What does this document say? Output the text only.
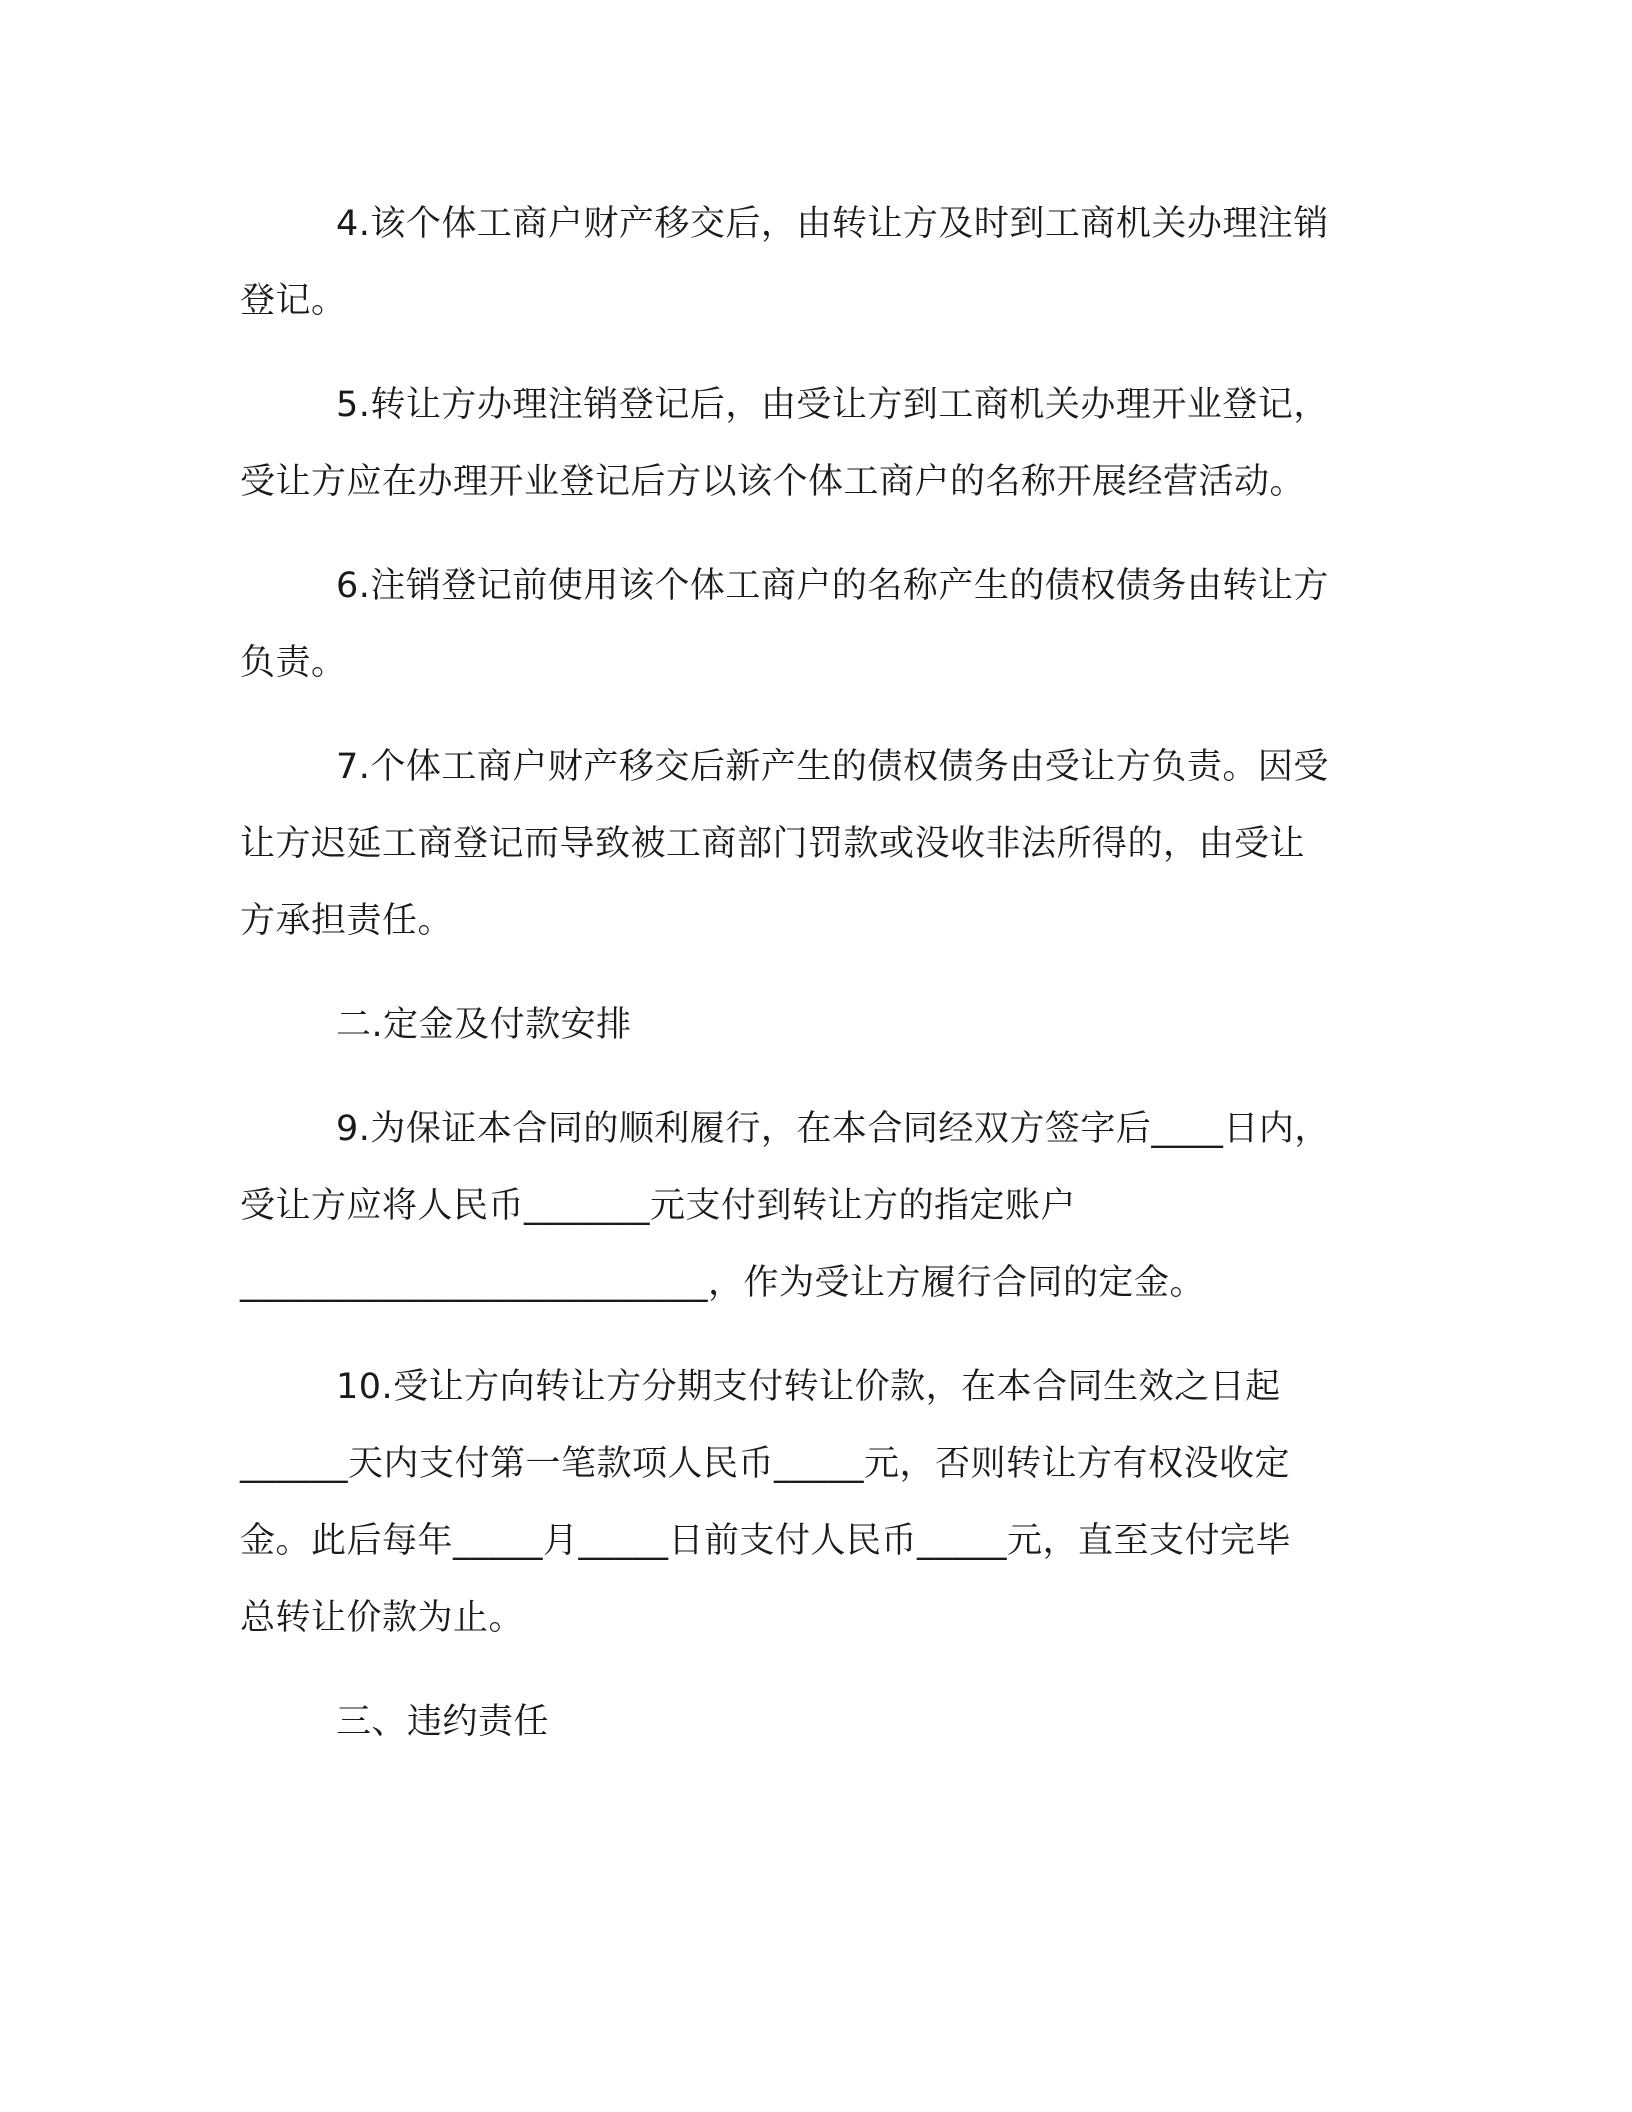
4.该个体工商户财产移交后，由转让方及时到工商机关办理注销
登记。
5.转让方办理注销登记后，由受让方到工商机关办理开业登记，
受让方应在办理开业登记后方以该个体工商户的名称开展经营活动。
6.注销登记前使用该个体工商户的名称产生的债权债务由转让方
负责。
7.个体工商户财产移交后新产生的债权债务由受让方负责。因受
让方迟延工商登记而导致被工商部门罚款或没收非法所得的，由受让
方承担责任。
二.定金及付款安排
9.为保证本合同的顺利履行，在本合同经双方签字后____日内，
受让方应将人民币_______元支付到转让方的指定账户
__________________________，作为受让方履行合同的定金。
10.受让方向转让方分期支付转让价款，在本合同生效之日起
______天内支付第一笔款项人民币_____元，否则转让方有权没收定
金。此后每年_____月_____日前支付人民币_____元，直至支付完毕
总转让价款为止。
三、违约责任
